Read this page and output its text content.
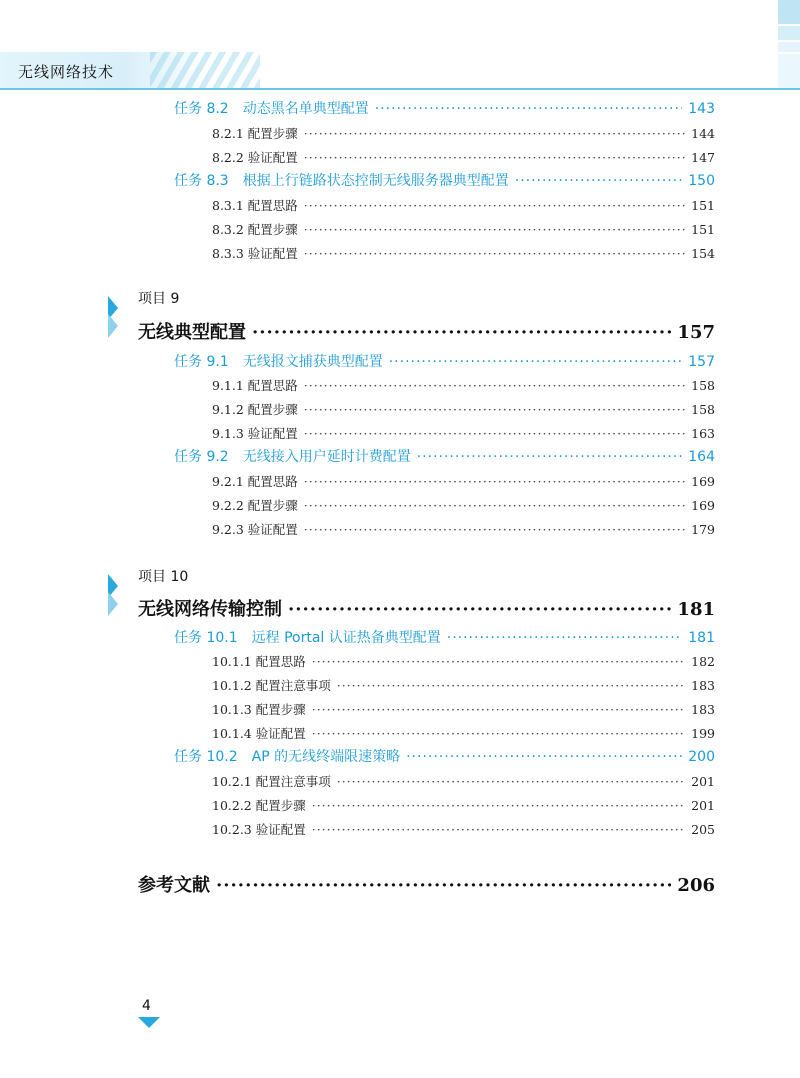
无线网络技术
任务 8.2　动态黑名单典型配置 ·····	143
8.2.1 配置步骤 ·····	144
8.2.2 验证配置 ·····	147
任务 8.3　根据上行链路状态控制无线服务器典型配置 ·····	150
8.3.1 配置思路 ·····	151
8.3.2 配置步骤 ·····	151
8.3.3 验证配置 ·····	154
项目 9
无线典型配置 ·····	157
任务 9.1　无线报文捕获典型配置 ·····	157
9.1.1 配置思路 ·····	158
9.1.2 配置步骤 ·····	158
9.1.3 验证配置 ·····	163
任务 9.2　无线接入用户延时计费配置 ·····	164
9.2.1 配置思路 ·····	169
9.2.2 配置步骤 ·····	169
9.2.3 验证配置 ·····	179
项目 10
无线网络传输控制 ·····	181
任务 10.1　远程 Portal 认证热备典型配置 ·····	181
10.1.1 配置思路 ·····	182
10.1.2 配置注意事项 ·····	183
10.1.3 配置步骤 ·····	183
10.1.4 验证配置 ·····	199
任务 10.2　AP 的无线终端限速策略 ·····	200
10.2.1 配置注意事项 ·····	201
10.2.2 配置步骤 ·····	201
10.2.3 验证配置 ·····	205
参考文献 ·····	206
4
